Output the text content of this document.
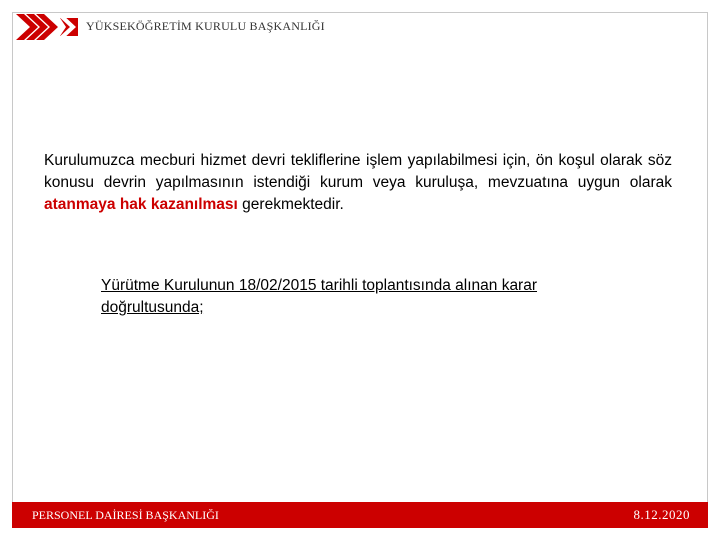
YÜKSEKÖĞRETİM KURULU BAŞKANLIĞI

Kurulumuzca mecburi hizmet devri tekliflerine işlem yapılabilmesi için, ön koşul olarak söz konusu devrin yapılmasının istendiği kurum veya kuruluşa, mevzuatına uygun olarak atanmaya hak kazanılması gerekmektedir.

Yürütme Kurulunun 18/02/2015 tarihli toplantısında alınan karar doğrultusunda;

PERSONEL DAİRESİ BAŞKANLIĞI	8.12.2020
